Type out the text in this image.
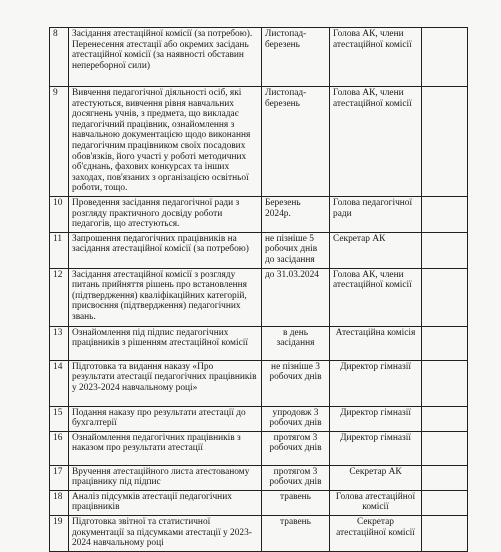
8	Засідання атестаційної комісії (за потребою).
Перенесення атестації або окремих засідань атестаційної комісії (за наявності обставин непереборної сили)	Листопад-березень	Голова АК, члени атестаційної комісії	
9	Вивчення педагогічної діяльності осіб, які атестуються, вивчення рівня навчальних досягнень учнів, з предмета, що викладає педагогічний працівник, ознайомлення з навчальною документацією щодо виконання педагогічним працівником своїх посадових обов'язків, його участі у роботі методичних об'єднань, фахових конкурсах та інших заходах, пов'язаних з організацією освітньої роботи, тощо.	Листопад-березень	Голова АК, члени атестаційної комісії	
10	Проведення засідання педагогічної ради з розгляду практичного досвіду роботи педагогів, що атестуються.	Березень 2024р.	Голова педагогічної ради	
11	Запрошення педагогічних працівників на засідання атестаційної комісії (за потребою)	не пізніше 5 робочих днів до засідання	Секретар АК	
12	Засідання атестаційної комісії з розгляду питань прийняття рішень про встановлення (підтвердження) кваліфікаційних категорій, присвоєння (підтвердження) педагогічних звань.	до 31.03.2024	Голова АК, члени атестаційної комісії	
13	Ознайомлення під підпис педагогічних працівників з рішенням атестаційної комісії	в день засідання	Атестаційна комісія	
14	Підготовка та видання наказу «Про результати атестації педагогічних працівників у 2023-2024 навчальному році»	не пізніше 3 робочих днів	Директор гімназії	
15	Подання наказу про результати атестації до бухгалтерії	упродовж 3 робочих днів	Директор гімназії	
16	Ознайомлення педагогічних працівників з наказом про результати атестації	протягом 3 робочих днів	Директор гімназії	
17	Вручення атестаційного листа атестованому працівнику під підпис	протягом 3 робочих днів	Секретар АК	
18	Аналіз підсумків атестації педагогічних працівників	травень	Голова атестаційної комісії	
19	Підготовка звітної та статистичної документації за підсумками атестації у 2023-2024 навчальному році	травень	Секретар атестаційної комісії	
